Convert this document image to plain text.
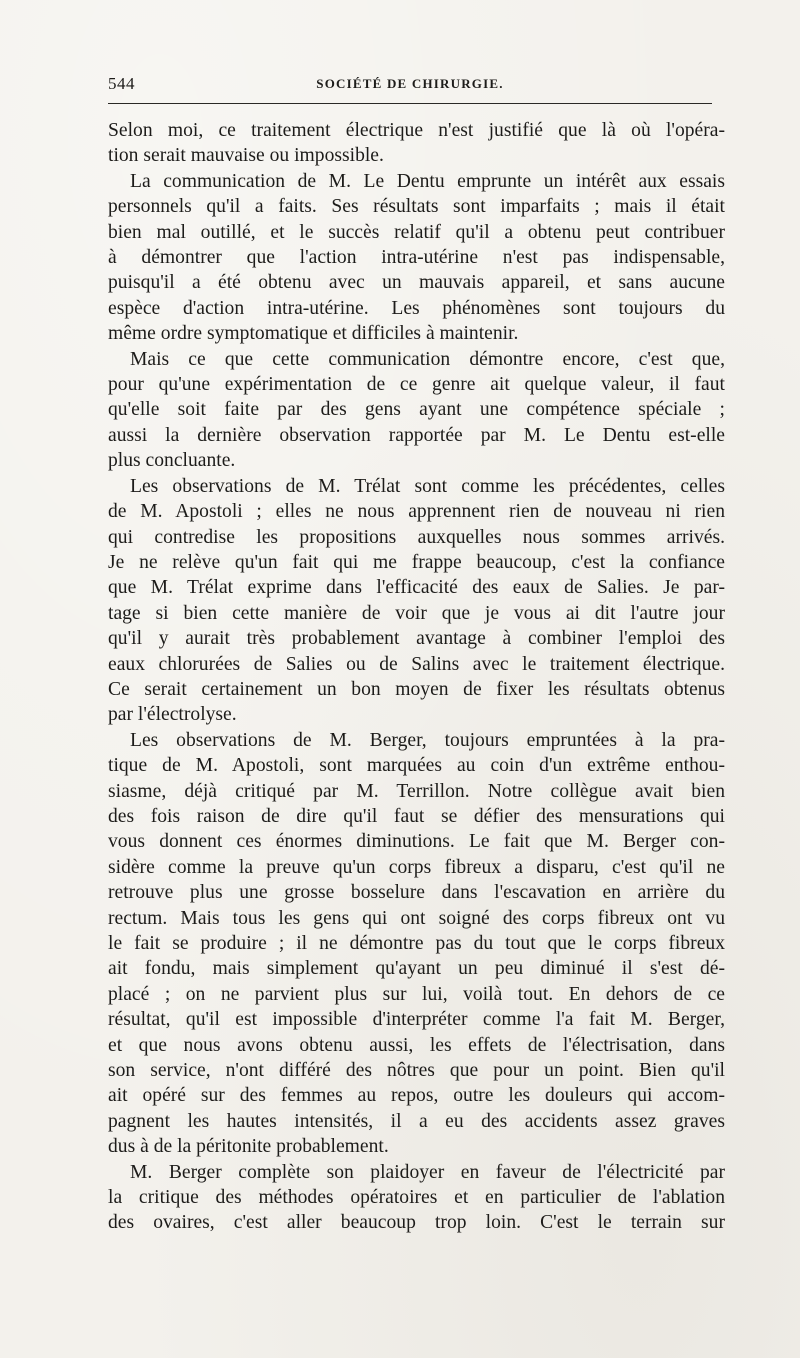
544	SOCIÉTÉ DE CHIRURGIE.
Selon moi, ce traitement électrique n'est justifié que là où l'opéra-
tion serait mauvaise ou impossible.
La communication de M. Le Dentu emprunte un intérêt aux essais
personnels qu'il a faits. Ses résultats sont imparfaits ; mais il était
bien mal outillé, et le succès relatif qu'il a obtenu peut contribuer
à démontrer que l'action intra-utérine n'est pas indispensable,
puisqu'il a été obtenu avec un mauvais appareil, et sans aucune
espèce d'action intra-utérine. Les phénomènes sont toujours du
même ordre symptomatique et difficiles à maintenir.
Mais ce que cette communication démontre encore, c'est que,
pour qu'une expérimentation de ce genre ait quelque valeur, il faut
qu'elle soit faite par des gens ayant une compétence spéciale ;
aussi la dernière observation rapportée par M. Le Dentu est-elle
plus concluante.
Les observations de M. Trélat sont comme les précédentes, celles
de M. Apostoli ; elles ne nous apprennent rien de nouveau ni rien
qui contredise les propositions auxquelles nous sommes arrivés.
Je ne relève qu'un fait qui me frappe beaucoup, c'est la confiance
que M. Trélat exprime dans l'efficacité des eaux de Salies. Je par-
tage si bien cette manière de voir que je vous ai dit l'autre jour
qu'il y aurait très probablement avantage à combiner l'emploi des
eaux chlorurées de Salies ou de Salins avec le traitement électrique.
Ce serait certainement un bon moyen de fixer les résultats obtenus
par l'électrolyse.
Les observations de M. Berger, toujours empruntées à la pra-
tique de M. Apostoli, sont marquées au coin d'un extrême enthou-
siasme, déjà critiqué par M. Terrillon. Notre collègue avait bien
des fois raison de dire qu'il faut se défier des mensurations qui
vous donnent ces énormes diminutions. Le fait que M. Berger con-
sidère comme la preuve qu'un corps fibreux a disparu, c'est qu'il ne
retrouve plus une grosse bosselure dans l'escavation en arrière du
rectum. Mais tous les gens qui ont soigné des corps fibreux ont vu
le fait se produire ; il ne démontre pas du tout que le corps fibreux
ait fondu, mais simplement qu'ayant un peu diminué il s'est dé-
placé ; on ne parvient plus sur lui, voilà tout. En dehors de ce
résultat, qu'il est impossible d'interpréter comme l'a fait M. Berger,
et que nous avons obtenu aussi, les effets de l'électrisation, dans
son service, n'ont différé des nôtres que pour un point. Bien qu'il
ait opéré sur des femmes au repos, outre les douleurs qui accom-
pagnent les hautes intensités, il a eu des accidents assez graves
dus à de la péritonite probablement.
M. Berger complète son plaidoyer en faveur de l'électricité par
la critique des méthodes opératoires et en particulier de l'ablation
des ovaires, c'est aller beaucoup trop loin. C'est le terrain sur
